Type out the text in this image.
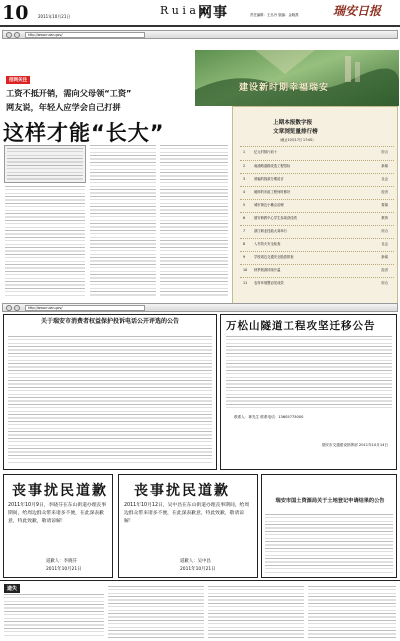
10 2011年10月21日	R u i a n
网事	责任编辑：王丛丹 版编：金晓燕	瑞安日报
http://www.ruian.gov/
建设新时期幸福瑞安
招网关注
工资不抵开销，需向父母领“工资”
网友说，年轻人应学会自己打拼
这样才能“长大”	上期本报数字报
文章浏览量排行榜
（截止10月17日 17:00）
1	亿元村排行前十	综合
2	南浦路道路改造工程招标	新闻
3	被骗的钱款分期追讨	社会
4	破碎的市政工程何时修好	经济
5	城市街边小摊点治理	要闻
6	瑞安职教中心学生参赛获佳绩	教育
7	浙江职业技能大赛举行	综合
8	入冬防火安全检查	社会
9	学校周边交通安全隐患排查	新闻
10 秋季旅游持续升温	经济
11 农村环境整治见成效	综合
http://www.ruian.gov/
关于瑞安市消费者权益保护投诉电话公开评选的公告	万松山隧道工程攻坚迁移公告
联系人：林先生 联系电话：13605775000
瑞安市交通建设指挥部 2011年10月14日
丧事扰民道歉
2011年10月9日，李晓芬在东山街道办理丧事期间，给周边群众带来诸多不便，在此深表歉意，特此致歉，敬请谅解！
道歉人：李晓芬
2011年10月21日
丧事扰民道歉
2011年10月12日，吴中昌在东山街道办理丧事期间，给周边群众带来诸多不便，在此深表歉意，特此致歉，敬请谅解！
道歉人：吴中昌
2011年10月21日
瑞安市国土资源局关于土地登记申请结果的公告
遗失
